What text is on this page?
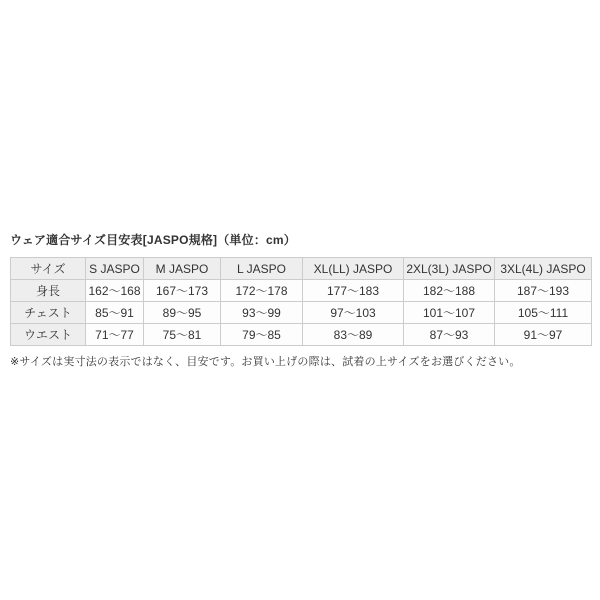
ウェア適合サイズ目安表[JASPO規格]（単位：cm）
サイズ	S JASPO	M JASPO	L JASPO	XL(LL) JASPO	2XL(3L) JASPO	3XL(4L) JASPO
身長	162～168	167～173	172～178	177～183	182～188	187～193
チェスト	85～91	89～95	93～99	97～103	101～107	105～111
ウエスト	71～77	75～81	79～85	83～89	87～93	91～97

※サイズは実寸法の表示ではなく、目安です。お買い上げの際は、試着の上サイズをお選びください。
